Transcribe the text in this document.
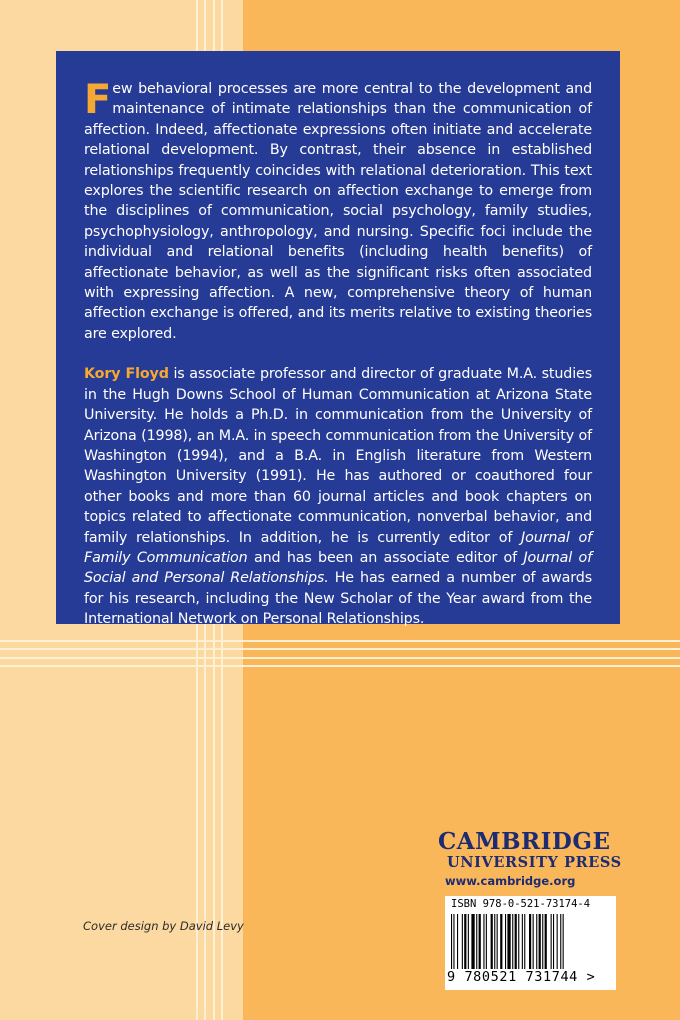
Few behavioral processes are more central to the development and maintenance of intimate relationships than the communication of affection. Indeed, affectionate expressions often initiate and accelerate relational development. By contrast, their absence in established relationships frequently coincides with relational deterioration. This text explores the scientific research on affection exchange to emerge from the disciplines of communication, social psychology, family studies, psychophysiology, anthropology, and nursing. Specific foci include the individual and relational benefits (including health benefits) of affectionate behavior, as well as the significant risks often associated with expressing affection. A new, comprehensive theory of human affection exchange is offered, and its merits relative to existing theories are explored.

Kory Floyd is associate professor and director of graduate M.A. studies in the Hugh Downs School of Human Communication at Arizona State University. He holds a Ph.D. in communication from the University of Arizona (1998), an M.A. in speech communication from the University of Washington (1994), and a B.A. in English literature from Western Washington University (1991). He has authored or coauthored four other books and more than 60 journal articles and book chapters on topics related to affectionate communication, nonverbal behavior, and family relationships. In addition, he is currently editor of Journal of Family Communication and has been an associate editor of Journal of Social and Personal Relationships. He has earned a number of awards for his research, including the New Scholar of the Year award from the International Network on Personal Relationships.

CAMBRIDGE
UNIVERSITY PRESS
www.cambridge.org
Cover design by David Levy
ISBN 978-0-521-73174-4
9 780521 731744 >
